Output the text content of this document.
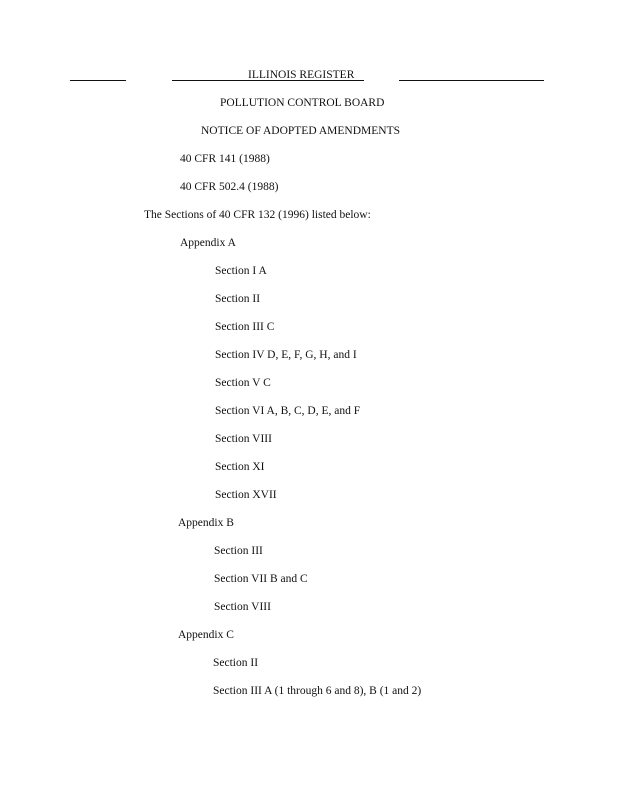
ILLINOIS REGISTER
POLLUTION CONTROL BOARD
NOTICE OF ADOPTED AMENDMENTS
40 CFR 141 (1988)
40 CFR 502.4 (1988)
The Sections of 40 CFR 132 (1996) listed below:
Appendix A
Section I A
Section II
Section III C
Section IV D, E, F, G, H, and I
Section V C
Section VI A, B, C, D, E, and F
Section VIII
Section XI
Section XVII
Appendix B
Section III
Section VII B and C
Section VIII
Appendix C
Section II
Section III A (1 through 6 and 8), B (1 and 2)
